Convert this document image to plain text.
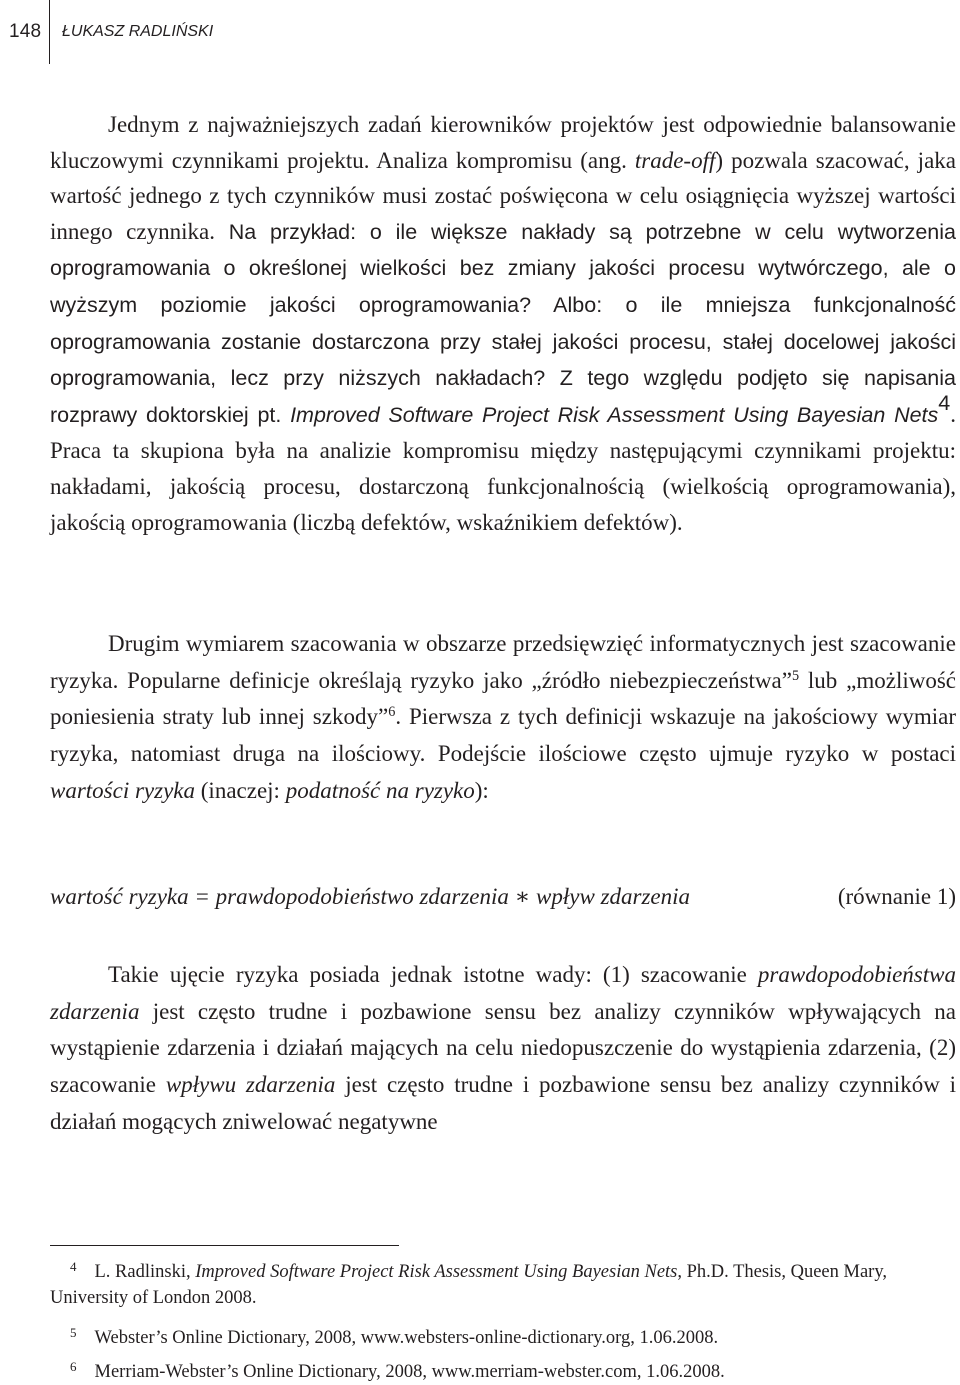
148 ŁUKASZ RADLIŃSKI

Jednym z najważniejszych zadań kierowników projektów jest odpowiednie balansowanie kluczowymi czynnikami projektu. Analiza kompromisu (ang. trade-off) pozwala szacować, jaka wartość jednego z tych czynników musi zostać poświęcona w celu osiągnięcia wyższej wartości innego czynnika. Na przykład: o ile większe nakłady są potrzebne w celu wytworzenia oprogramowania o określonej wielkości bez zmiany jakości procesu wytwórczego, ale o wyższym poziomie jakości oprogramowania? Albo: o ile mniejsza funkcjonalność oprogramowania zostanie dostarczona przy stałej jakości procesu, stałej docelowej jakości oprogramowania, lecz przy niższych nakładach? Z tego względu podjęto się napisania rozprawy doktorskiej pt. Improved Software Project Risk Assessment Using Bayesian Nets$^4$. Praca ta skupiona była na analizie kompromisu między następującymi czynnikami projektu: nakładami, jakością procesu, dostarczoną funkcjonalnością (wielkością oprogramowania), jakością oprogramowania (liczbą defektów, wskaźnikiem defektów).

Drugim wymiarem szacowania w obszarze przedsięwzięć informatycznych jest szacowanie ryzyka. Popularne definicje określają ryzyko jako „źródło niebezpieczeństwa”$^5$ lub „możliwość poniesienia straty lub innej szkody”$^6$. Pierwsza z tych definicji wskazuje na jakościowy wymiar ryzyka, natomiast druga na ilościowy. Podejście ilościowe często ujmuje ryzyko w postaci wartości ryzyka (inaczej: podatność na ryzyko):

wartość ryzyka = prawdopodobieństwo zdarzenia ∗ wpływ zdarzenia	(równanie 1)

Takie ujęcie ryzyka posiada jednak istotne wady: (1) szacowanie prawdopodobieństwa zdarzenia jest często trudne i pozbawione sensu bez analizy czynników wpływających na wystąpienie zdarzenia i działań mających na celu niedopuszczenie do wystąpienia zdarzenia, (2) szacowanie wpływu zdarzenia jest często trudne i pozbawione sensu bez analizy czynników i działań mogących zniwelować negatywne

$^4$ L. Radlinski, Improved Software Project Risk Assessment Using Bayesian Nets, Ph.D. Thesis, Queen Mary, University of London 2008.
$^5$ Webster’s Online Dictionary, 2008, www.websters-online-dictionary.org, 1.06.2008.
$^6$ Merriam-Webster’s Online Dictionary, 2008, www.merriam-webster.com, 1.06.2008.
